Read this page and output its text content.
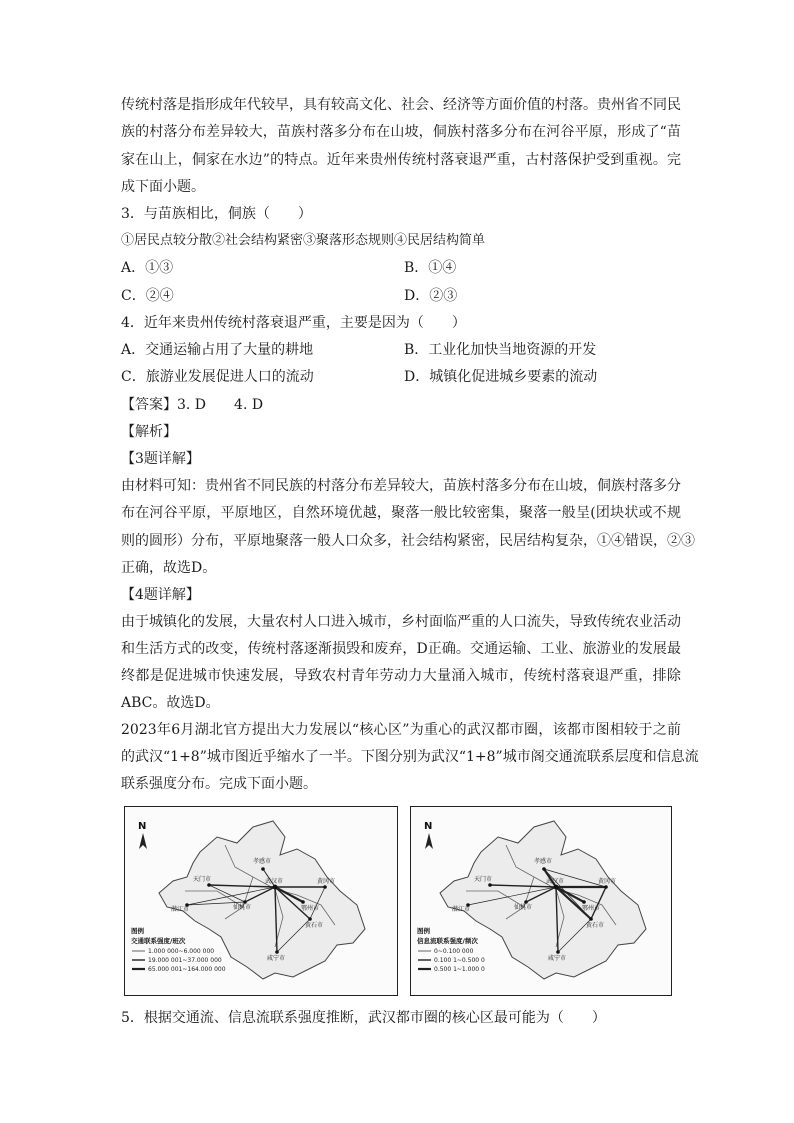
传统村落是指形成年代较早，具有较高文化、社会、经济等方面价值的村落。贵州省不同民
族的村落分布差异较大，苗族村落多分布在山坡，侗族村落多分布在河谷平原，形成了“苗
家在山上，侗家在水边”的特点。近年来贵州传统村落衰退严重，古村落保护受到重视。完
成下面小题。
3．与苗族相比，侗族（　　）
①居民点较分散②社会结构紧密③聚落形态规则④民居结构简单
A．①③	B．①④
C．②④	D．②③
4．近年来贵州传统村落衰退严重，主要是因为（　　）
A．交通运输占用了大量的耕地	B．工业化加快当地资源的开发
C．旅游业发展促进人口的流动	D．城镇化促进城乡要素的流动
【答案】3. D　　4. D
【解析】
【3题详解】
由材料可知：贵州省不同民族的村落分布差异较大，苗族村落多分布在山坡，侗族村落多分
布在河谷平原，平原地区，自然环境优越，聚落一般比较密集，聚落一般呈(团块状或不规
则的圆形）分布，平原地聚落一般人口众多，社会结构紧密，民居结构复杂，①④错误，②③
正确，故选D。
【4题详解】
由于城镇化的发展，大量农村人口进入城市，乡村面临严重的人口流失，导致传统农业活动
和生活方式的改变，传统村落逐渐损毁和废弃，D正确。交通运输、工业、旅游业的发展最
终都是促进城市快速发展，导致农村青年劳动力大量涌入城市，传统村落衰退严重，排除
ABC。故选D。
2023年6月湖北官方提出大力发展以“核心区”为重心的武汉都市圈，该都市图相较于之前
的武汉“1+8”城市图近乎缩水了一半。下图分别为武汉“1+8”城市阁交通流联系层度和信息流
联系强度分布。完成下面小题。
N
孝感市
天门市	武汉市	黄冈市
潜江市	仙桃市	鄂州市
黄石市
咸宁市
图例
交通联系强度/班次
1.000 000~6.000 000
19.000 001~37.000 000
65.000 001~164.000 000
N
孝感市
天门市	武汉市	黄冈市
潜江市	仙桃市	鄂州市
黄石市
咸宁市
图例
信息流联系强度/频次
0~0.100 000
0.100 1~0.500 0
0.500 1~1.000 0
5．根据交通流、信息流联系强度推断，武汉都市圈的核心区最可能为（　　）
